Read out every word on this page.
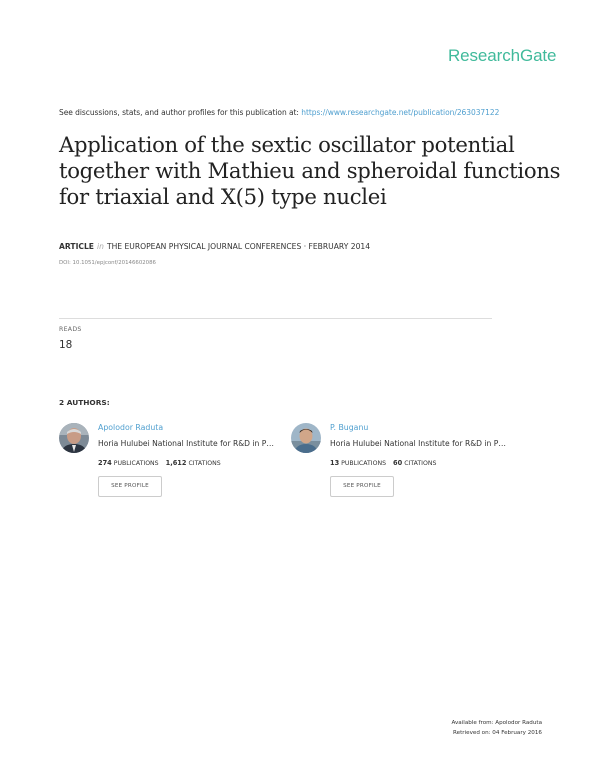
ResearchGate
See discussions, stats, and author profiles for this publication at: https://www.researchgate.net/publication/263037122
Application of the sextic oscillator potential
together with Mathieu and spheroidal functions
for triaxial and X(5) type nuclei
ARTICLE in THE EUROPEAN PHYSICAL JOURNAL CONFERENCES · FEBRUARY 2014
DOI: 10.1051/epjconf/20146602086
READS
18
2 AUTHORS:
Apolodor Raduta
Horia Hulubei National Institute for R&D in P…
274 PUBLICATIONS 1,612 CITATIONS
SEE PROFILE
P. Buganu
Horia Hulubei National Institute for R&D in P…
13 PUBLICATIONS 60 CITATIONS
SEE PROFILE
Available from: Apolodor Raduta
Retrieved on: 04 February 2016
